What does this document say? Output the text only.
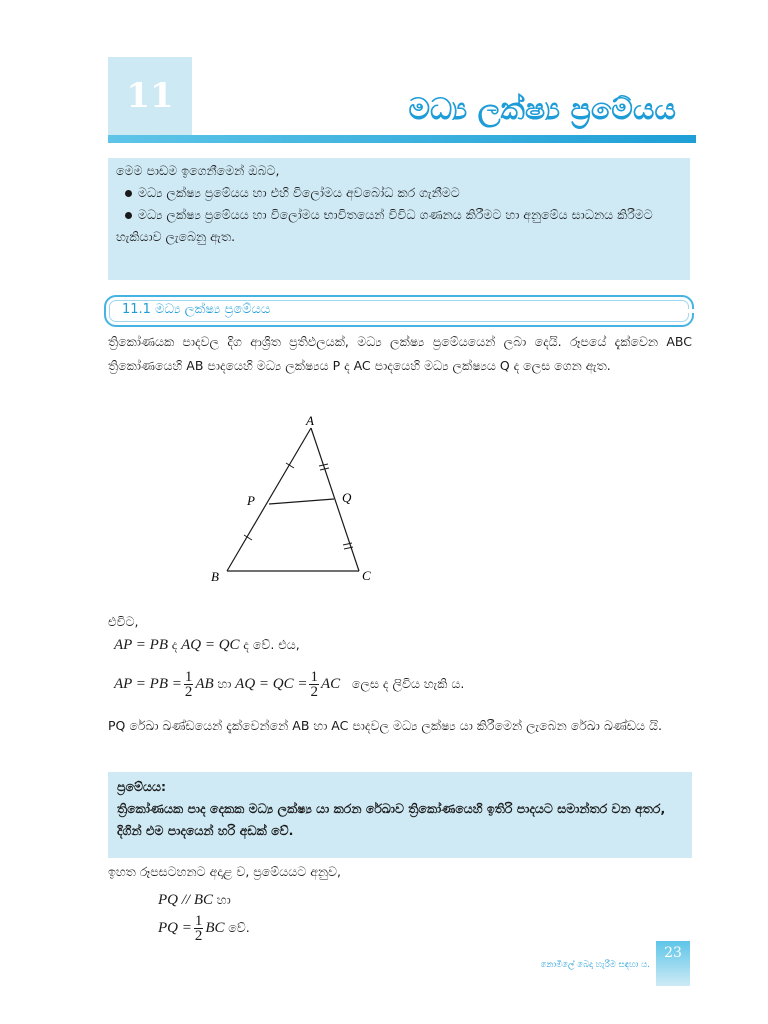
11	මධ්‍ය ලක්ෂ්‍ය ප්‍රමේයය

මෙම පාඩම ඉගෙනීමෙන් ඔබට,

මධ්‍ය ලක්ෂ්‍ය ප්‍රමේයය හා එහි විලෝමය අවබෝධ කර ගැනීමට
මධ්‍ය ලක්ෂ්‍ය ප්‍රමේයය හා විලෝමය භාවිතයෙන් විවිධ ගණනය කිරීමට හා අනුමේය සාධනය කිරීමට

හැකියාව ලැබෙනු ඇත.

11.1 මධ්‍ය ලක්ෂ්‍ය ප්‍රමේයය

ත්‍රිකෝණයක පාදවල දිග ආශ්‍රිත ප්‍රතිඵලයක්, මධ්‍ය ලක්ෂ්‍ය ප්‍රමේයයෙන් ලබා දෙයි. රූපයේ දැක්වෙන ABC ත්‍රිකෝණයෙහි AB පාදයෙහි මධ්‍ය ලක්ෂ්‍යය P ද AC පාදයෙහි මධ්‍ය ලක්ෂ්‍යය Q ද ලෙස ගෙන ඇත.

A
B	C
P	Q
එවිට,
AP = PB ද AQ = QC ද වේ. එය,
AP = PB = $\frac{1}{2}$ AB හා AQ = QC = $\frac{1}{2}$ AC ලෙස ද ලිවිය හැකි ය.

PQ රේඛා ඛණ්ඩයෙන් දැක්වෙන්නේ AB හා AC පාදවල මධ්‍ය ලක්ෂ්‍ය යා කිරීමෙන් ලැබෙන රේඛා ඛණ්ඩය යි.

ප්‍රමේයය:

ත්‍රිකෝණයක පාද දෙකක මධ්‍ය ලක්ෂ්‍ය යා කරන රේඛාව ත්‍රිකෝණයෙහි ඉතිරි පාදයට සමාන්තර වන අතර, දිගින් එම පාදයෙන් හරි අඩක් වේ.

ඉහත රූපසටහනට අදාළ ව, ප්‍රමේයයට අනුව,
PQ // BC හා
PQ = $\frac{1}{2}$ BC වේ.
නොමිලේ බෙදා හැරීම සඳහා ය.
23
